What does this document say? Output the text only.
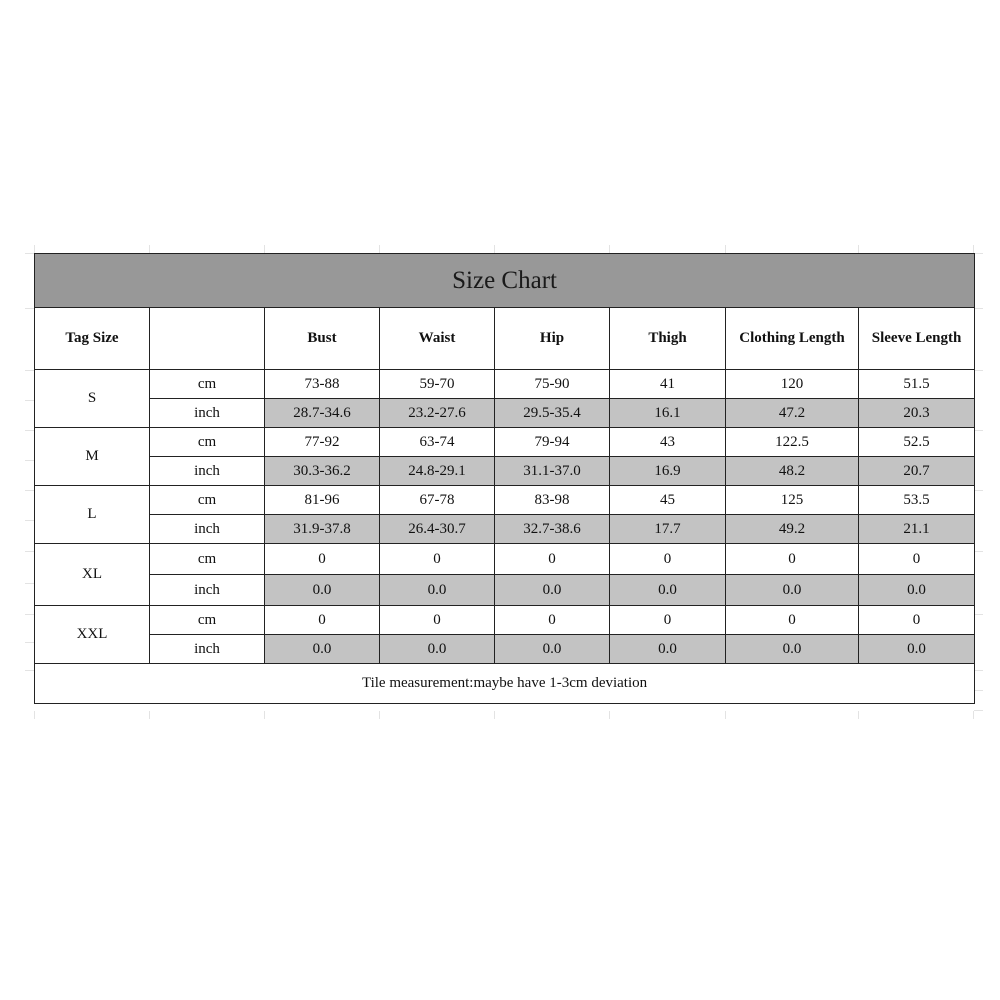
Size Chart							
Tag Size		Bust	Waist	Hip	Thigh	Clothing Length	Sleeve Length
S	cm	73-88	59-70	75-90	41	120	51.5
	inch	28.7-34.6	23.2-27.6	29.5-35.4	16.1	47.2	20.3
M	cm	77-92	63-74	79-94	43	122.5	52.5
	inch	30.3-36.2	24.8-29.1	31.1-37.0	16.9	48.2	20.7
L	cm	81-96	67-78	83-98	45	125	53.5
	inch	31.9-37.8	26.4-30.7	32.7-38.6	17.7	49.2	21.1
XL	cm	0	0	0	0	0	0
	inch	0.0	0.0	0.0	0.0	0.0	0.0
XXL	cm	0	0	0	0	0	0
	inch	0.0	0.0	0.0	0.0	0.0	0.0
Tile measurement:maybe have 1-3cm deviation							
